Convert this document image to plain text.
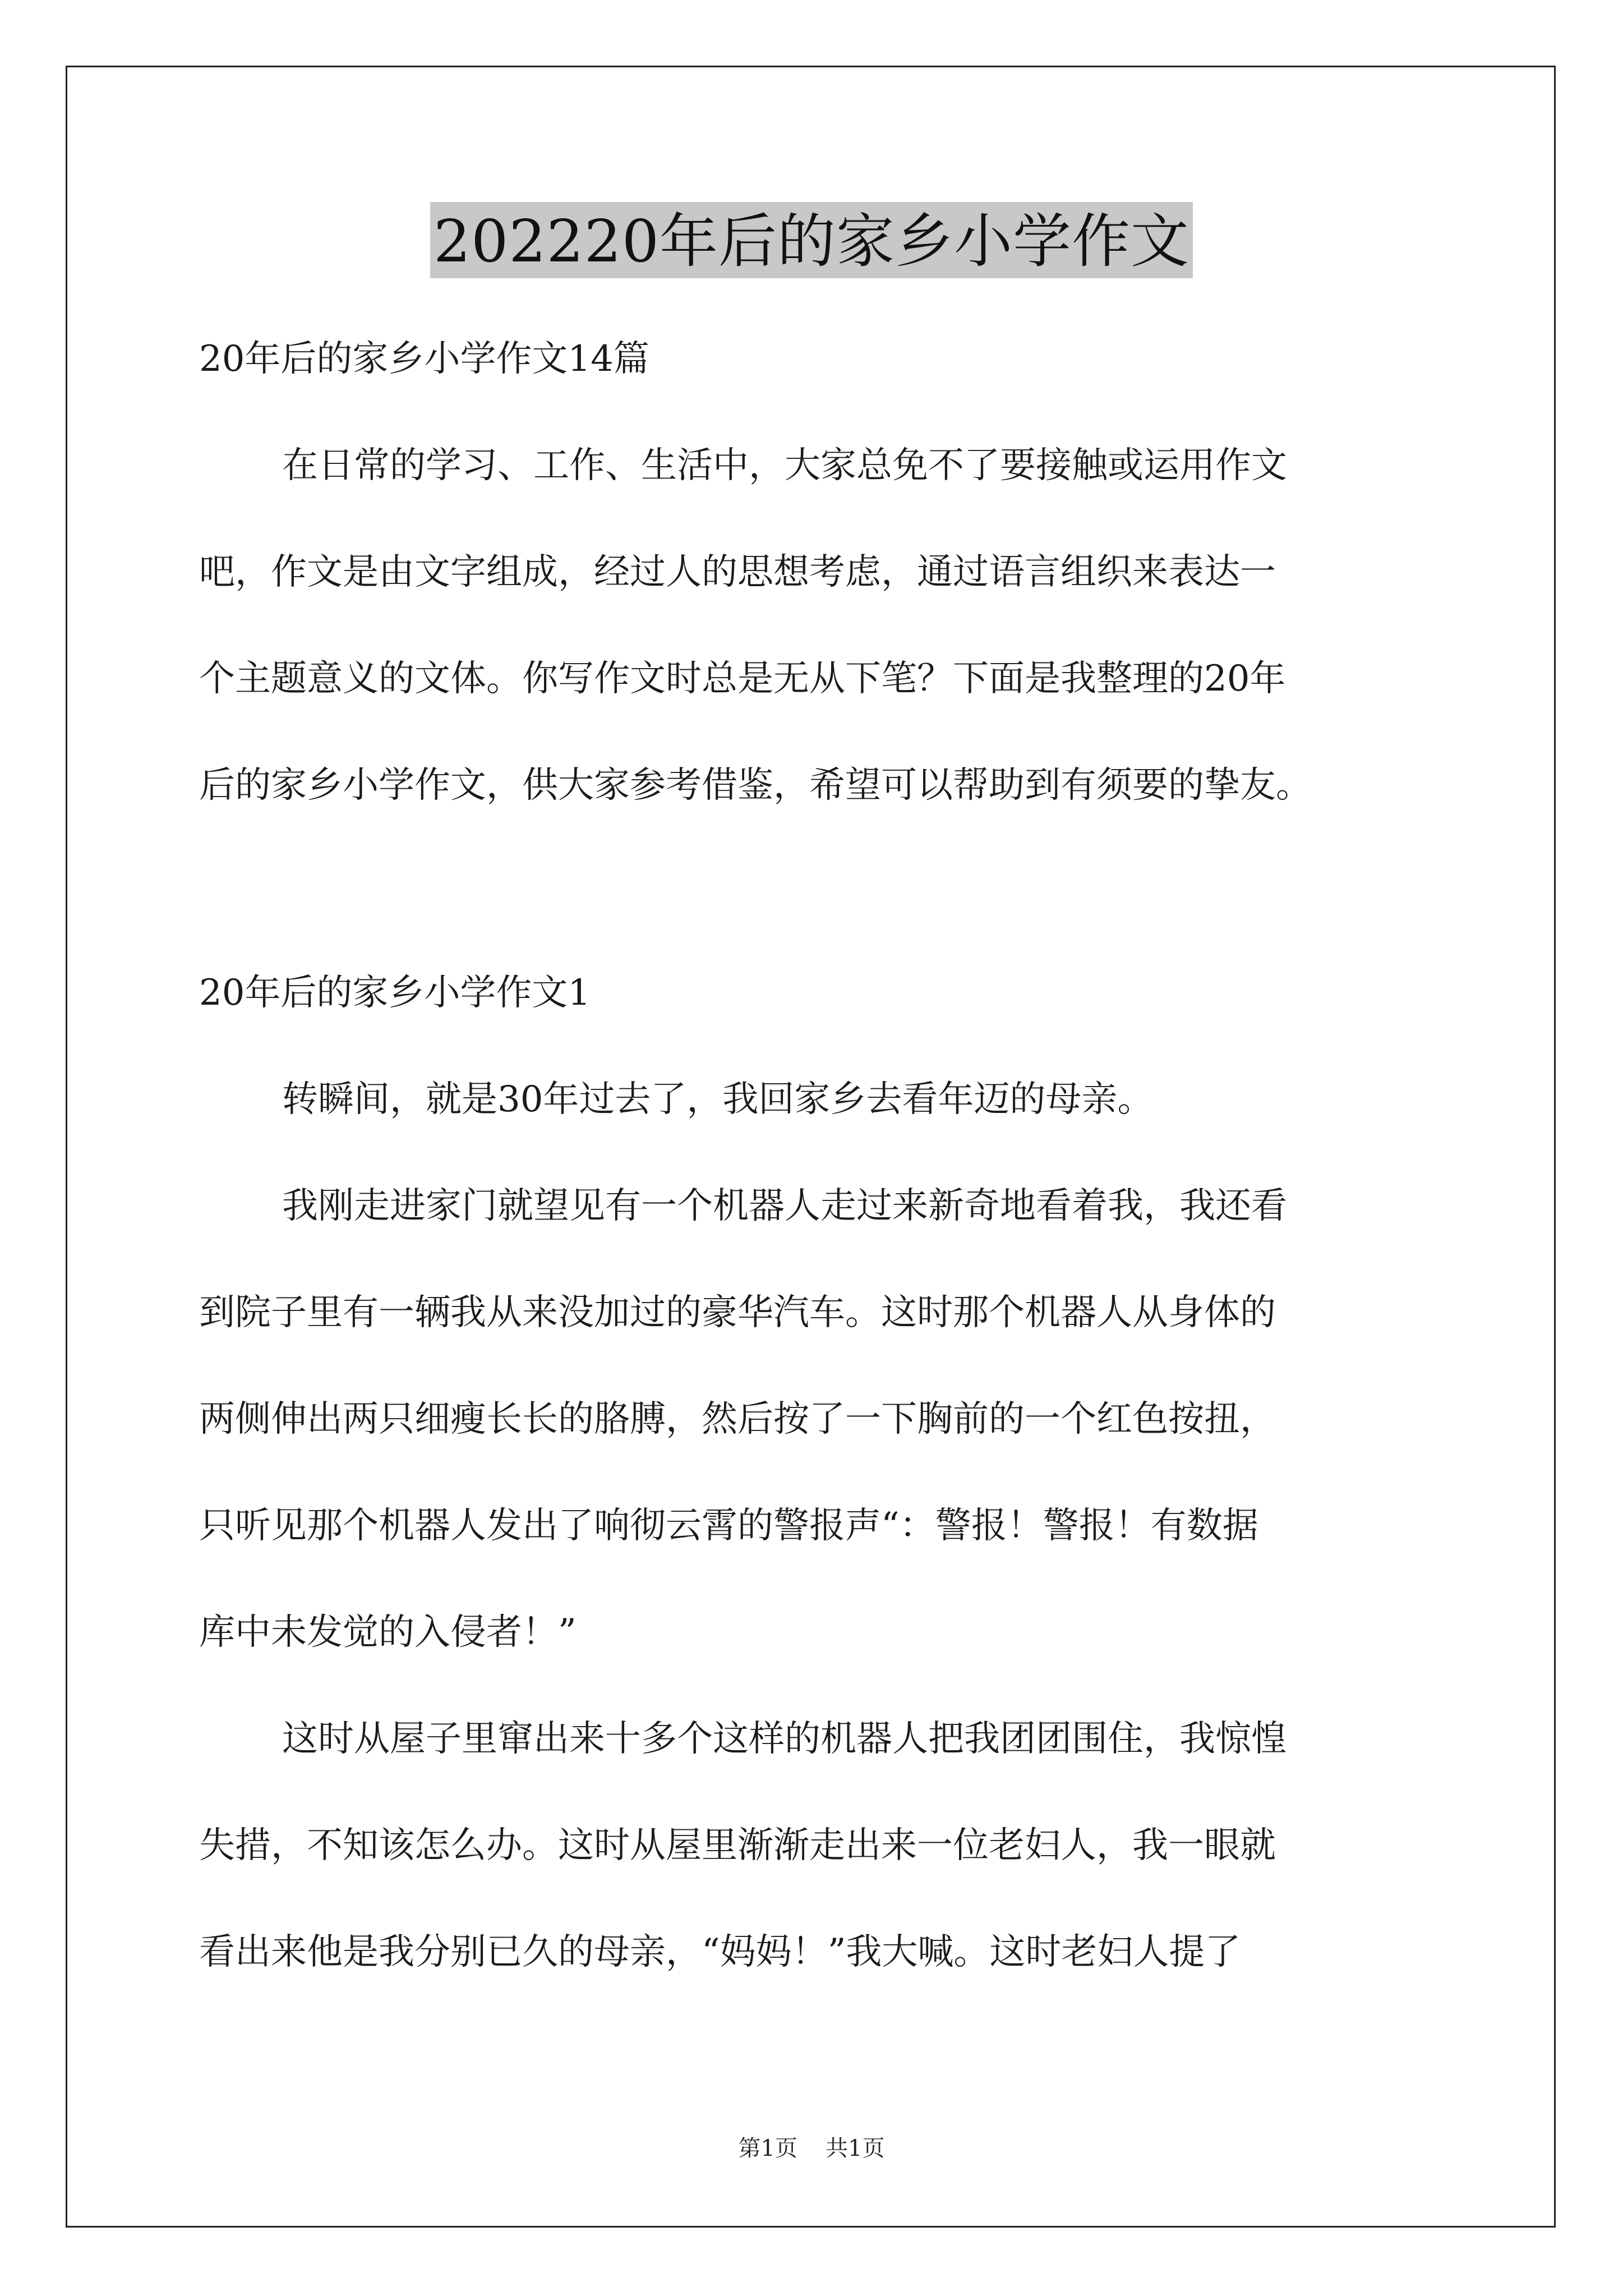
202220年后的家乡小学作文
20年后的家乡小学作文14篇
在日常的学习、工作、生活中，大家总免不了要接触或运用作文
吧，作文是由文字组成，经过人的思想考虑，通过语言组织来表达一
个主题意义的文体。你写作文时总是无从下笔？下面是我整理的20年
后的家乡小学作文，供大家参考借鉴，希望可以帮助到有须要的挚友。
20年后的家乡小学作文1
转瞬间，就是30年过去了，我回家乡去看年迈的母亲。
我刚走进家门就望见有一个机器人走过来新奇地看着我，我还看
到院子里有一辆我从来没加过的豪华汽车。这时那个机器人从身体的
两侧伸出两只细瘦长长的胳膊，然后按了一下胸前的一个红色按扭，
只听见那个机器人发出了响彻云霄的警报声“：警报！警报！有数据
库中未发觉的入侵者！”
这时从屋子里窜出来十多个这样的机器人把我团团围住，我惊惶
失措，不知该怎么办。这时从屋里渐渐走出来一位老妇人，我一眼就
看出来他是我分别已久的母亲，“妈妈！”我大喊。这时老妇人提了
第1页 共1页
